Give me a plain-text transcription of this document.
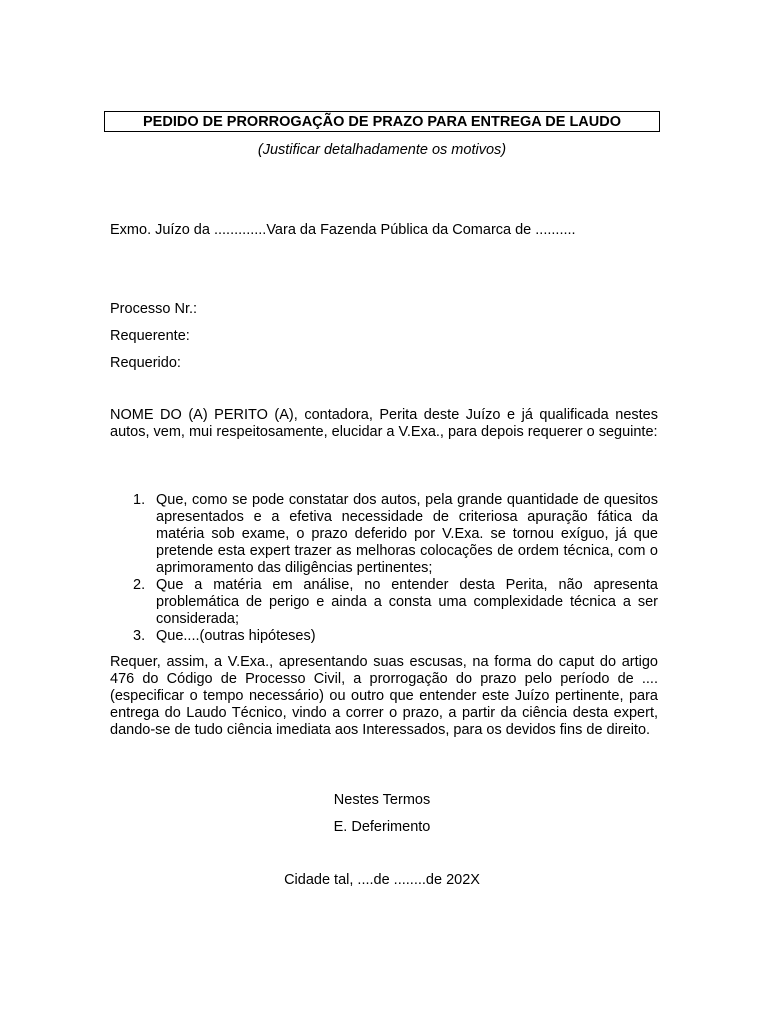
PEDIDO DE PRORROGAÇÃO DE PRAZO PARA ENTREGA DE LAUDO
(Justificar detalhadamente os motivos)
Exmo. Juízo da .............Vara da Fazenda Pública da Comarca de ..........
Processo Nr.:
Requerente:
Requerido:
NOME DO (A) PERITO (A), contadora, Perita deste Juízo e já qualificada nestes autos, vem, mui respeitosamente, elucidar a V.Exa., para depois requerer o seguinte:
1. Que, como se pode constatar dos autos, pela grande quantidade de quesitos apresentados e a efetiva necessidade de criteriosa apuração fática da matéria sob exame, o prazo deferido por V.Exa. se tornou exíguo, já que pretende esta expert trazer as melhoras colocações de ordem técnica, com o aprimoramento das diligências pertinentes;
2. Que a matéria em análise, no entender desta Perita, não apresenta problemática de perigo e ainda a consta uma complexidade técnica a ser considerada;
3. Que....(outras hipóteses)
Requer, assim, a V.Exa., apresentando suas escusas, na forma do caput do artigo 476 do Código de Processo Civil, a prorrogação do prazo pelo período de ....(especificar o tempo necessário) ou outro que entender este Juízo pertinente, para entrega do Laudo Técnico, vindo a correr o prazo, a partir da ciência desta expert, dando-se de tudo ciência imediata aos Interessados, para os devidos fins de direito.
Nestes Termos
E. Deferimento
Cidade tal, ....de ........de 202X
